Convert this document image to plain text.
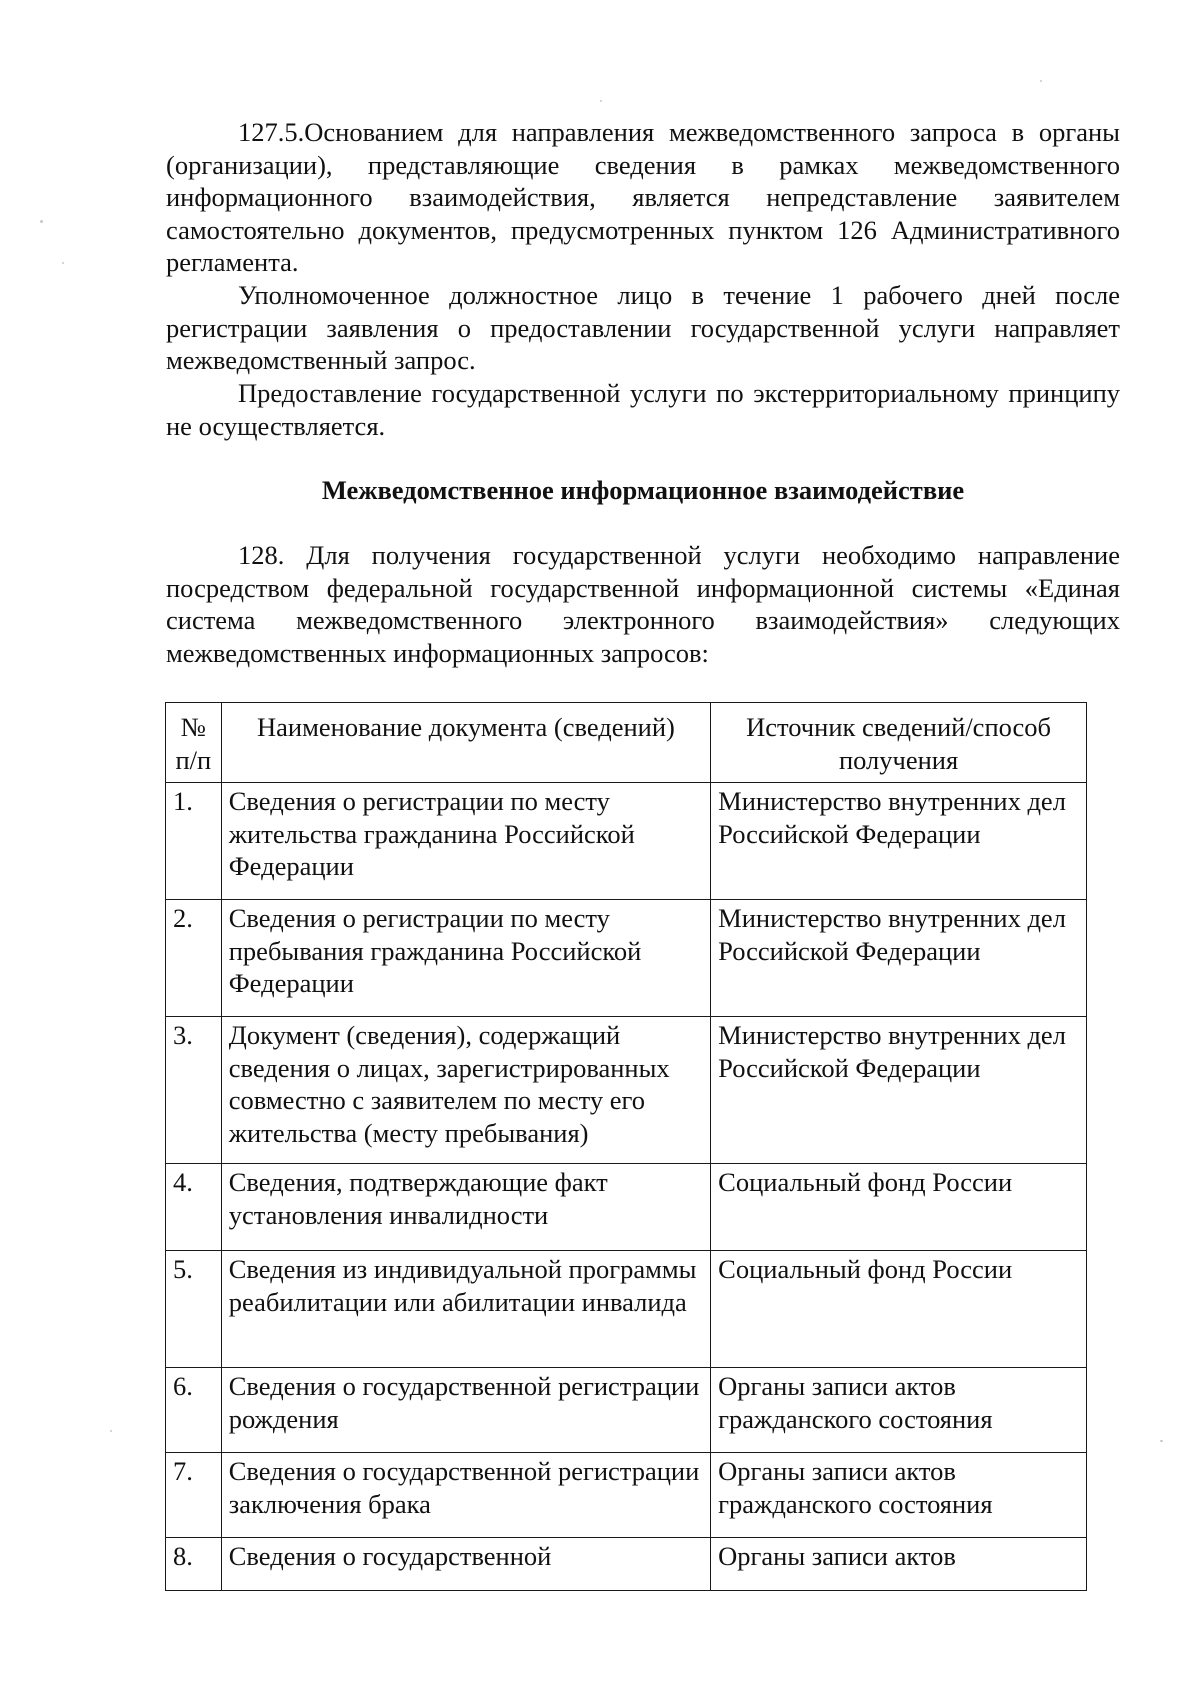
127.5.Основанием для направления межведомственного запроса в органы (организации), представляющие сведения в рамках межведомственного информационного взаимодействия, является непредставление заявителем самостоятельно документов, предусмотренных пунктом 126 Административного регламента.

Уполномоченное должностное лицо в течение 1 рабочего дней после регистрации заявления о предоставлении государственной услуги направляет межведомственный запрос.

Предоставление государственной услуги по экстерриториальному принципу не осуществляется.

Межведомственное информационное взаимодействие

128. Для получения государственной услуги необходимо направление посредством федеральной государственной информационной системы «Единая система межведомственного электронного взаимодействия» следующих межведомственных информационных запросов:

№ п/п	Наименование документа (сведений)	Источник сведений/способ получения
1.	Сведения о регистрации по месту жительства гражданина Российской Федерации	Министерство внутренних дел Российской Федерации
2.	Сведения о регистрации по месту пребывания гражданина Российской Федерации	Министерство внутренних дел Российской Федерации
3.	Документ (сведения), содержащий сведения о лицах, зарегистрированных совместно с заявителем по месту его жительства (месту пребывания)	Министерство внутренних дел Российской Федерации
4.	Сведения, подтверждающие факт установления инвалидности	Социальный фонд России
5.	Сведения из индивидуальной программы реабилитации или абилитации инвалида	Социальный фонд России
6.	Сведения о государственной регистрации рождения	Органы записи актов гражданского состояния
7.	Сведения о государственной регистрации заключения брака	Органы записи актов гражданского состояния
8.	Сведения о государственной	Органы записи актов
